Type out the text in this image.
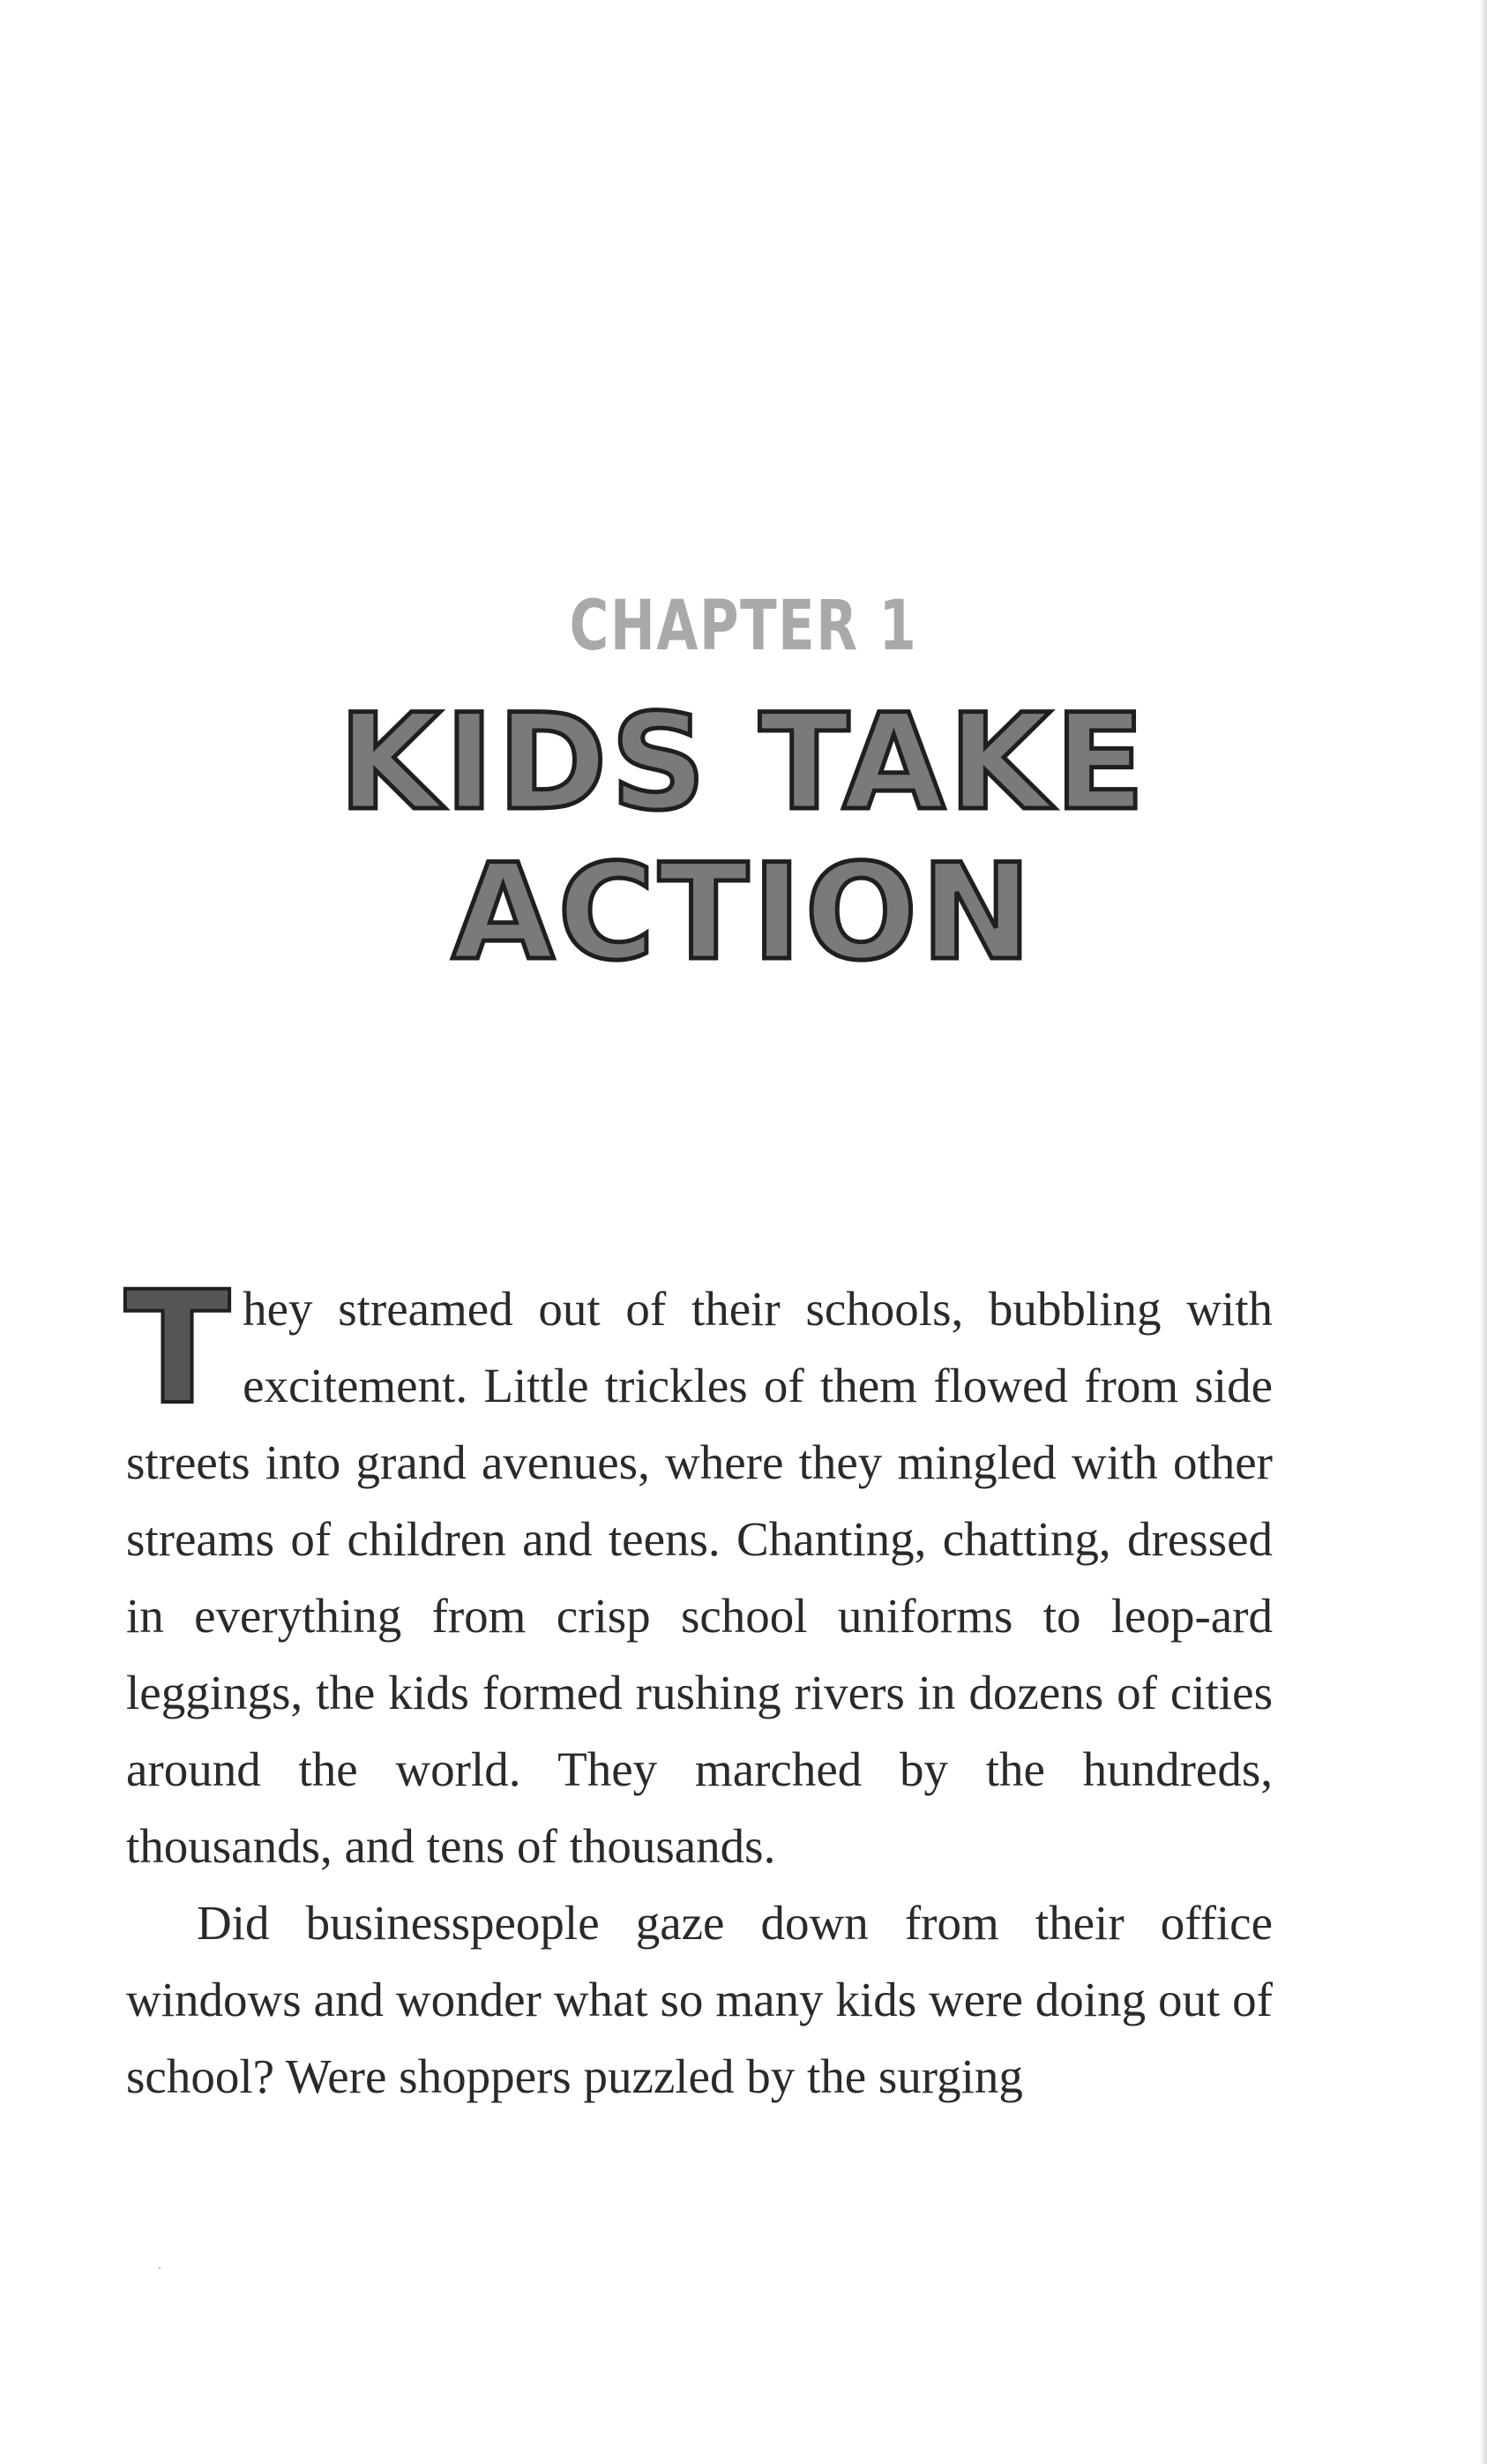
CHAPTER 1
KIDS TAKE
ACTION

They streamed out of their schools, bubbling with excitement. Little trickles of them flowed from side streets into grand avenues, where they mingled with other streams of children and teens. Chanting, chatting, dressed in everything from crisp school uniforms to leop-ard leggings, the kids formed rushing rivers in dozens of cities around the world. They marched by the hundreds, thousands, and tens of thousands.

Did businesspeople gaze down from their office windows and wonder what so many kids were doing out of school? Were shoppers puzzled by the surging
